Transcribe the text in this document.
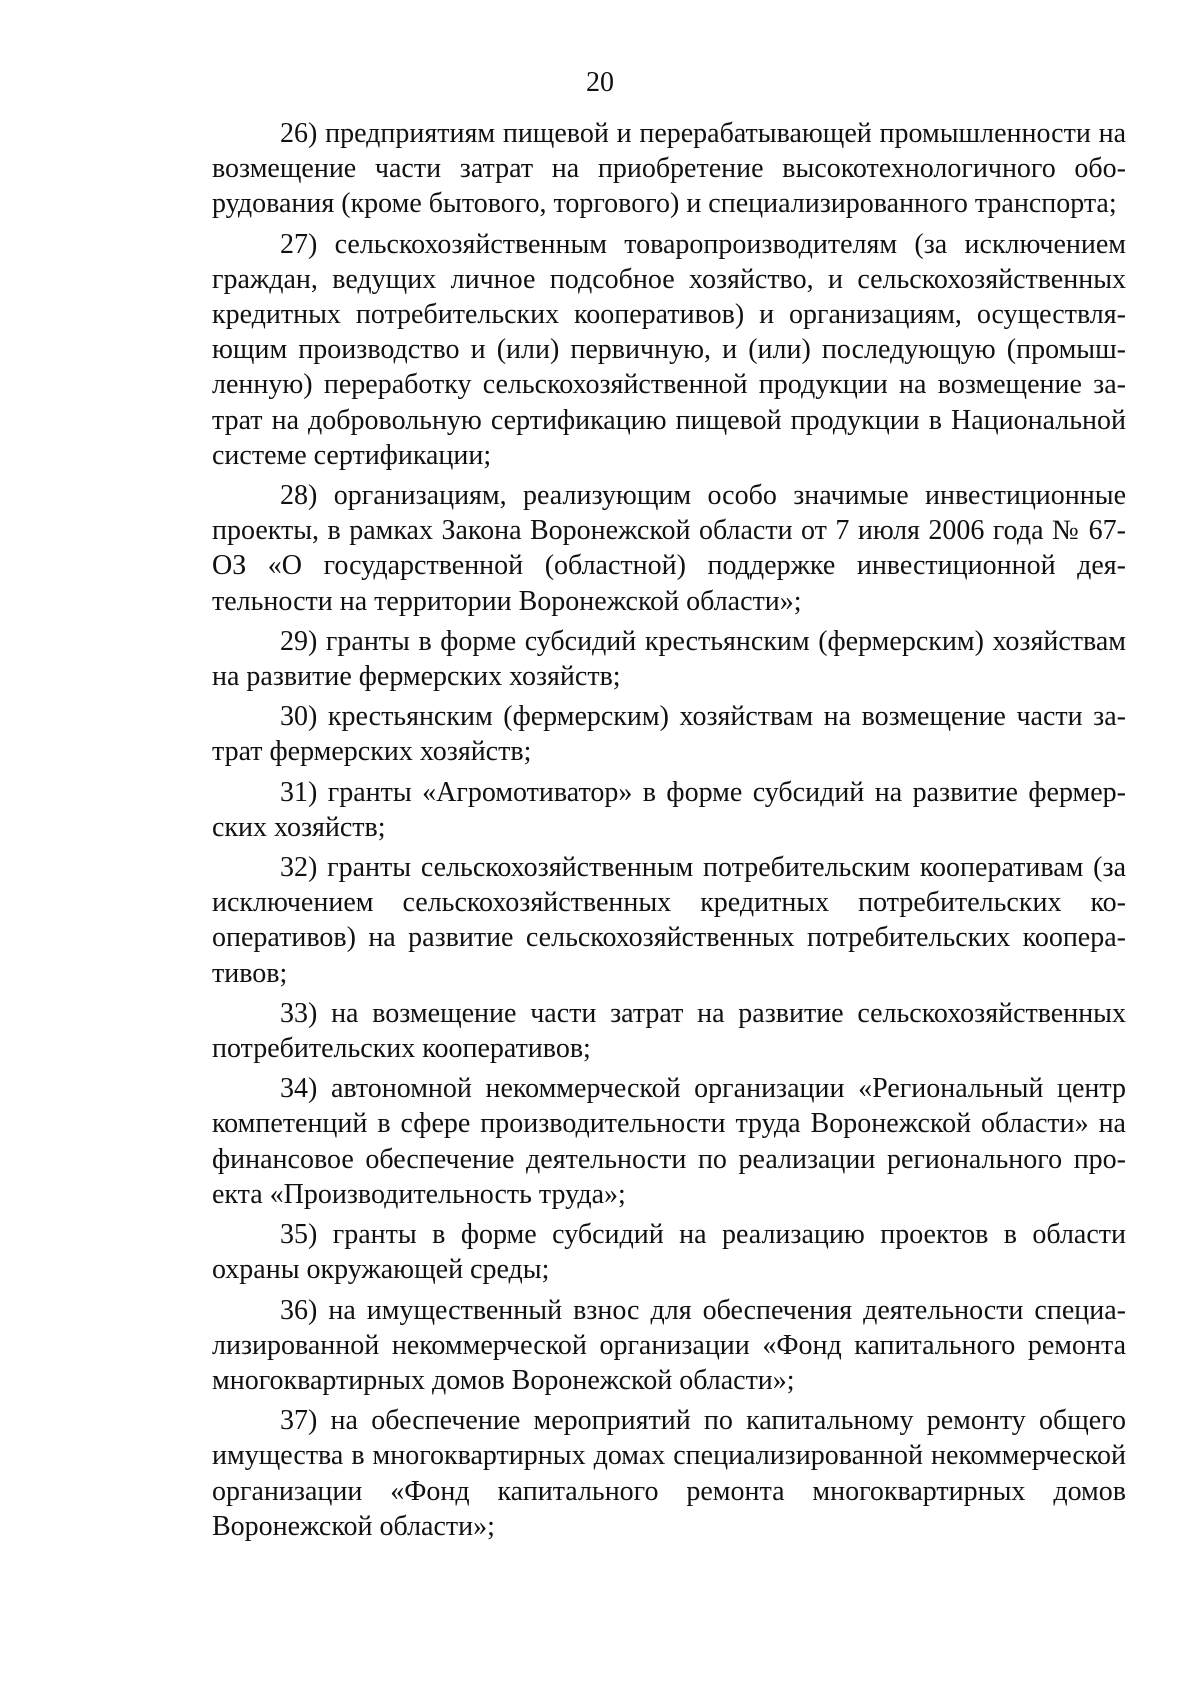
20

26) предприятиям пищевой и перерабатывающей промышленности на возмещение части затрат на приобретение высокотехнологичного оборудования (кроме бытового, торгового) и специализированного транспорта;

27) сельскохозяйственным товаропроизводителям (за исключением граждан, ведущих личное подсобное хозяйство, и сельскохозяйственных кредитных потребительских кооперативов) и организациям, осуществляющим производство и (или) первичную, и (или) последующую (промышленную) переработку сельскохозяйственной продукции на возмещение затрат на добровольную сертификацию пищевой продукции в Национальной системе сертификации;

28) организациям, реализующим особо значимые инвестиционные проекты, в рамках Закона Воронежской области от 7 июля 2006 года № 67-ОЗ «О государственной (областной) поддержке инвестиционной деятельности на территории Воронежской области»;

29) гранты в форме субсидий крестьянским (фермерским) хозяйствам на развитие фермерских хозяйств;

30) крестьянским (фермерским) хозяйствам на возмещение части затрат фермерских хозяйств;

31) гранты «Агромотиватор» в форме субсидий на развитие фермерских хозяйств;

32) гранты сельскохозяйственным потребительским кооперативам (за исключением сельскохозяйственных кредитных потребительских кооперативов) на развитие сельскохозяйственных потребительских кооперативов;

33) на возмещение части затрат на развитие сельскохозяйственных потребительских кооперативов;

34) автономной некоммерческой организации «Региональный центр компетенций в сфере производительности труда Воронежской области» на финансовое обеспечение деятельности по реализации регионального проекта «Производительность труда»;

35) гранты в форме субсидий на реализацию проектов в области охраны окружающей среды;

36) на имущественный взнос для обеспечения деятельности специализированной некоммерческой организации «Фонд капитального ремонта многоквартирных домов Воронежской области»;

37) на обеспечение мероприятий по капитальному ремонту общего имущества в многоквартирных домах специализированной некоммерческой организации «Фонд капитального ремонта многоквартирных домов Воронежской области»;
